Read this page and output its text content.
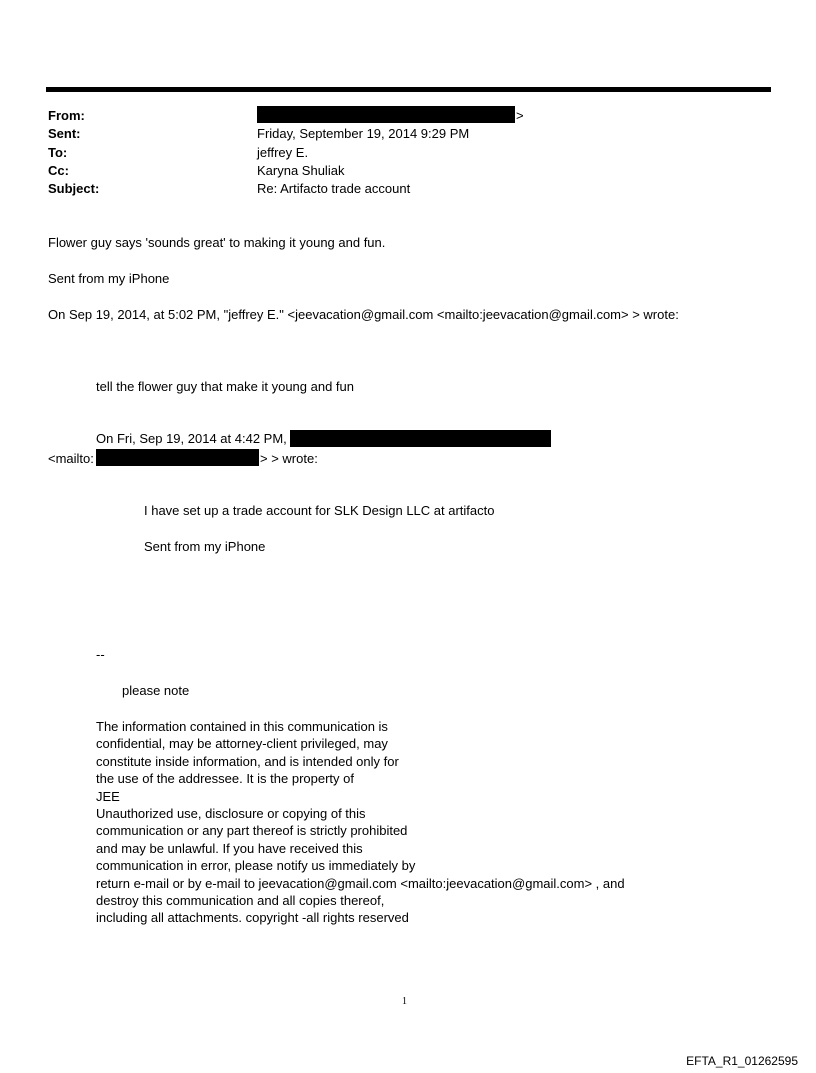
From:	>
Sent:	Friday, September 19, 2014 9:29 PM
To:	jeffrey E.
Cc:	Karyna Shuliak
Subject:	Re: Artifacto trade account
Flower guy says 'sounds great' to making it young and fun.
Sent from my iPhone
On Sep 19, 2014, at 5:02 PM, "jeffrey E." <jeevacation@gmail.com <mailto:jeevacation@gmail.com> > wrote:
tell the flower guy that make it young and fun
On Fri, Sep 19, 2014 at 4:42 PM,
<mailto:	> > wrote:
I have set up a trade account for SLK Design LLC at artifacto
Sent from my iPhone
--
please note
The information contained in this communication is
confidential, may be attorney-client privileged, may
constitute inside information, and is intended only for
the use of the addressee. It is the property of
JEE
Unauthorized use, disclosure or copying of this
communication or any part thereof is strictly prohibited
and may be unlawful. If you have received this
communication in error, please notify us immediately by
return e-mail or by e-mail to jeevacation@gmail.com <mailto:jeevacation@gmail.com> , and
destroy this communication and all copies thereof,
including all attachments. copyright -all rights reserved
1
EFTA_R1_01262595
